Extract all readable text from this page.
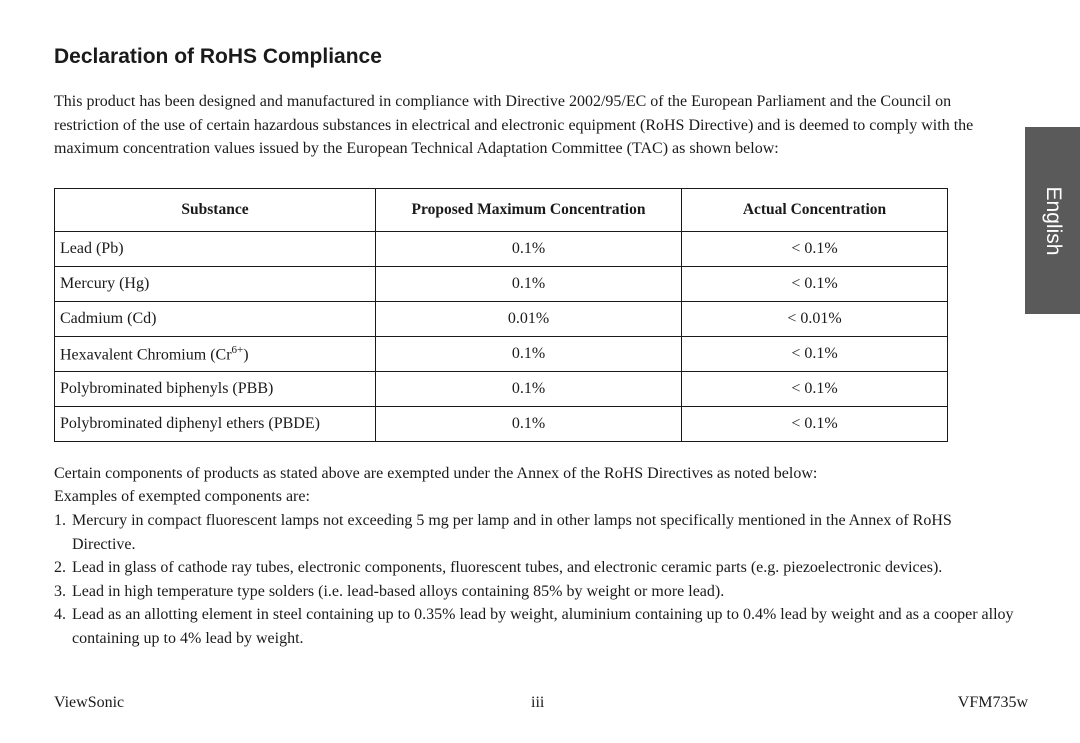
Declaration of RoHS Compliance
This product has been designed and manufactured in compliance with Directive 2002/95/EC of the European Parliament and the Council on restriction of the use of certain hazardous substances in electrical and electronic equipment (RoHS Directive) and is deemed to comply with the maximum concentration values issued by the European Technical Adaptation Committee (TAC) as shown below:
Substance	Proposed Maximum Concentration	Actual Concentration
Lead (Pb)	0.1%	< 0.1%
Mercury (Hg)	0.1%	< 0.1%
Cadmium (Cd)	0.01%	< 0.01%
Hexavalent Chromium $(Cr^{6+})$	0.1%	< 0.1%
Polybrominated biphenyls (PBB)	0.1%	< 0.1%
Polybrominated diphenyl ethers (PBDE)	0.1%	< 0.1%
Certain components of products as stated above are exempted under the Annex of the RoHS Directives as noted below:
Examples of exempted components are:
1. Mercury in compact fluorescent lamps not exceeding 5 mg per lamp and in other lamps not specifically mentioned in the Annex of RoHS Directive.
2. Lead in glass of cathode ray tubes, electronic components, fluorescent tubes, and electronic ceramic parts (e.g. piezoelectronic devices).
3. Lead in high temperature type solders (i.e. lead-based alloys containing 85% by weight or more lead).
4. Lead as an allotting element in steel containing up to 0.35% lead by weight, aluminium containing up to 0.4% lead by weight and as a cooper alloy containing up to 4% lead by weight.
English
ViewSonic	iii	VFM735w
